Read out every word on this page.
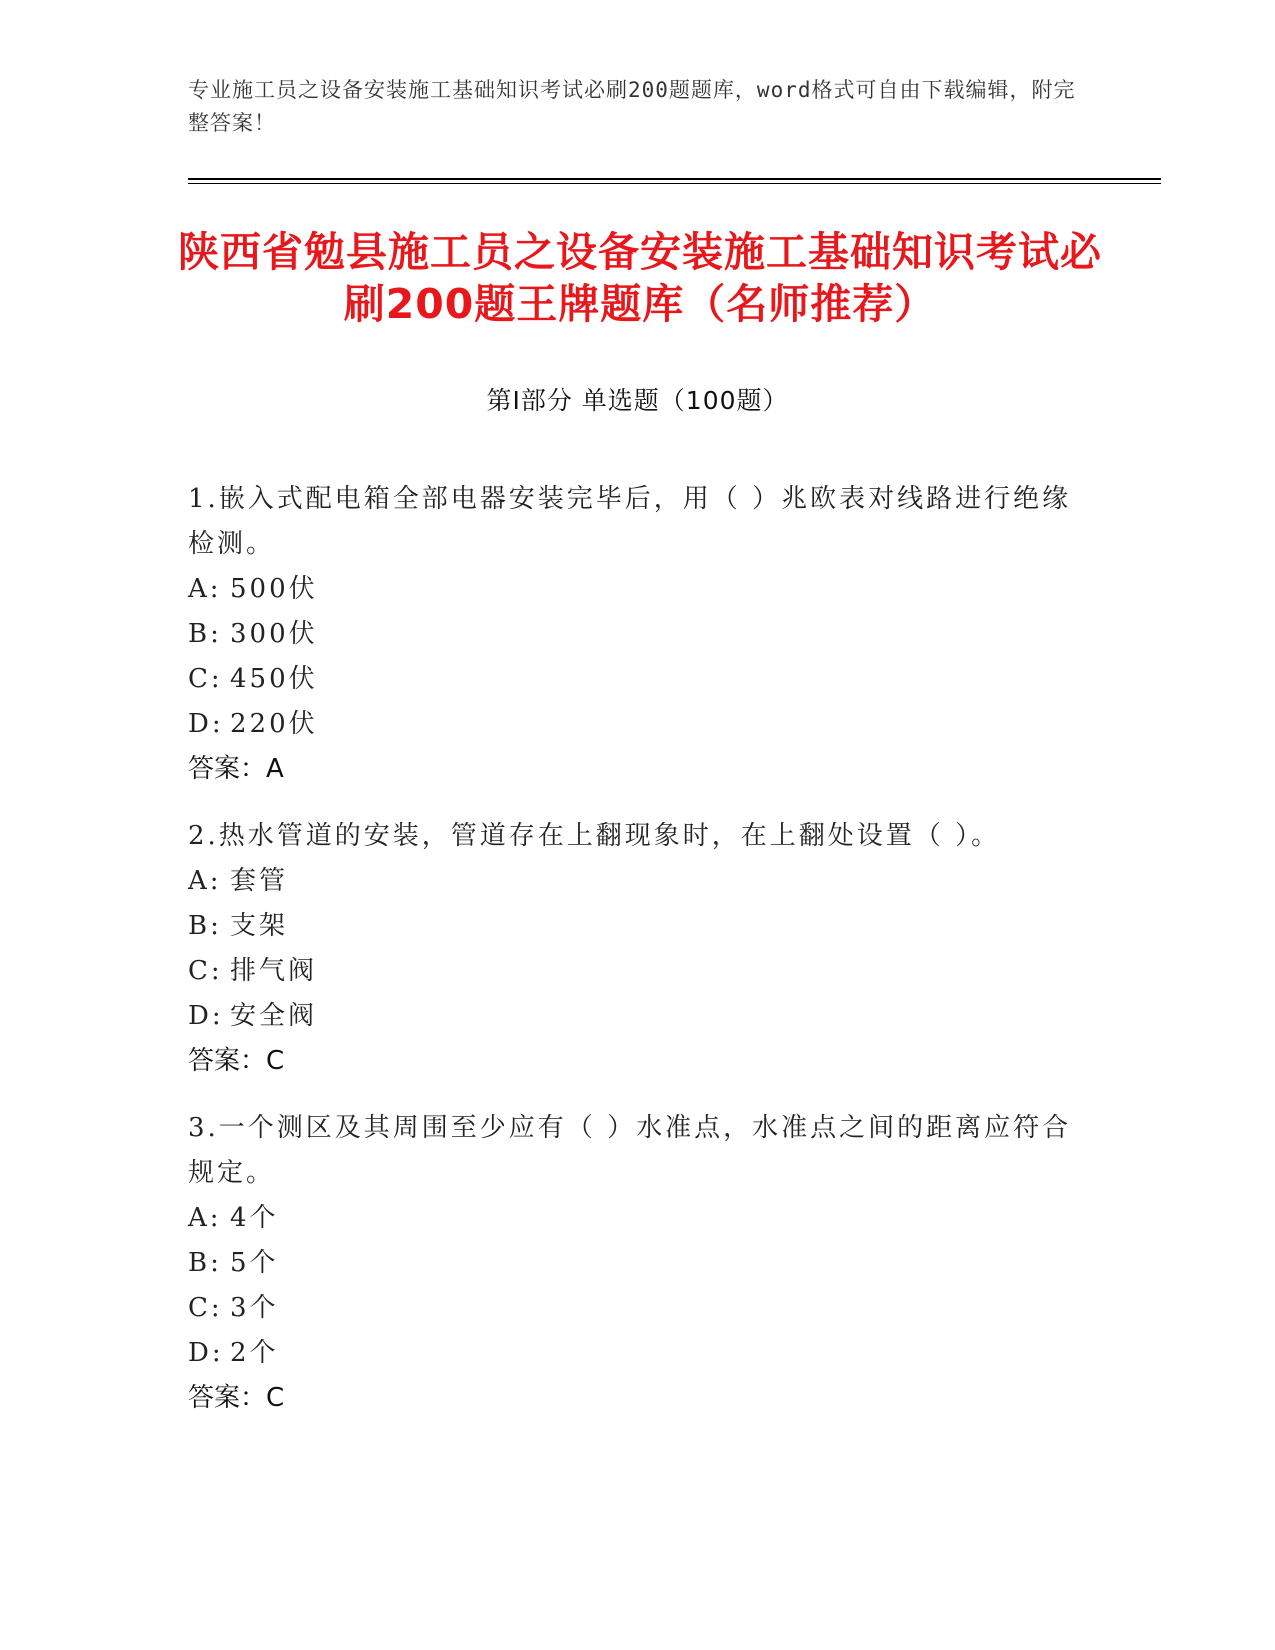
专业施工员之设备安装施工基础知识考试必刷200题题库，word格式可自由下载编辑，附完整答案！
陕西省勉县施工员之设备安装施工基础知识考试必刷200题王牌题库（名师推荐）
第I部分 单选题（100题）

1.嵌入式配电箱全部电器安装完毕后，用（ ）兆欧表对线路进行绝缘检测。

A: 500伏

B: 300伏

C: 450伏

D: 220伏

答案：A

2.热水管道的安装，管道存在上翻现象时，在上翻处设置（ ）。

A: 套管

B: 支架

C: 排气阀

D: 安全阀

答案：C

3.一个测区及其周围至少应有（ ）水准点，水准点之间的距离应符合规定。

A: 4个

B: 5个

C: 3个

D: 2个

答案：C
